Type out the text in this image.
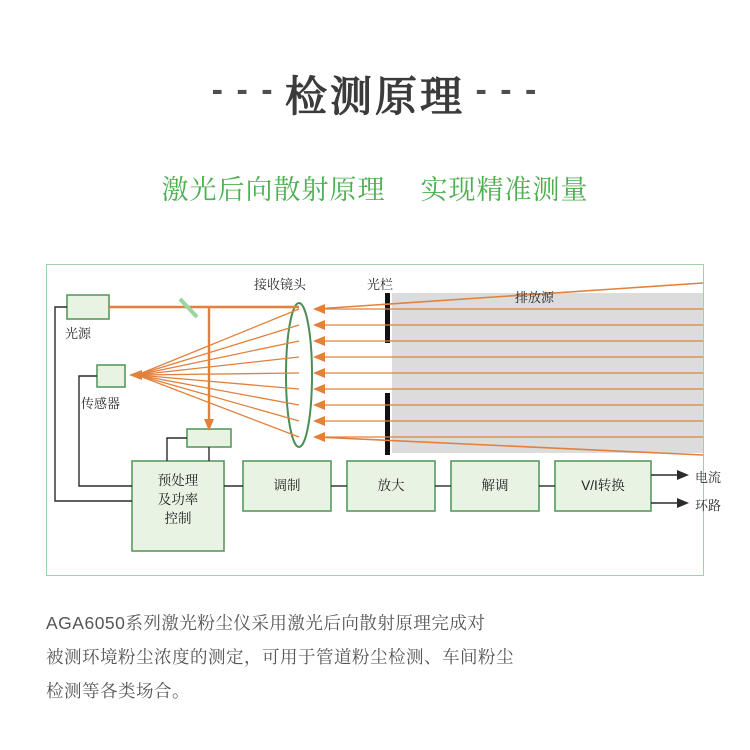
- - - 检测原理 - - -
激光后向散射原理 实现精准测量
光源
传感器
接收镜头	光栏
排放源
电流
环路
预处理
及功率
控制
调制	放大	解调	V/I转换
AGA6050系列激光粉尘仪采用激光后向散射原理完成对
被测环境粉尘浓度的测定，可用于管道粉尘检测、车间粉尘
检测等各类场合。
